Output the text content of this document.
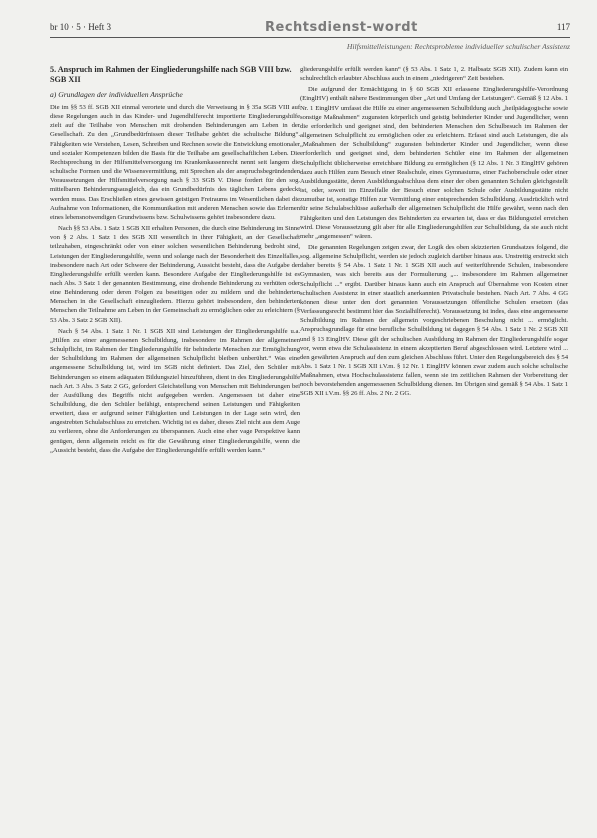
br 10 · 5 · Heft 3	Rechtsdienst-wordt	117
Hilfsmittelleistungen: Rechtsprobleme individueller schulischer Assistenz
5. Anspruch im Rahmen der Eingliederungshilfe nach SGB VIII bzw. SGB XII
a) Grundlagen der individuellen Ansprüche

Die im §§ 53 ff. SGB XII einmal verortete und durch die Verweisung in § 35a SGB VIII auf diese Regelungen auch in das Kinder- und Jugendhilferecht importierte Eingliederungshilfe zielt auf die Teilhabe von Menschen mit drohenden Behinderungen am Leben in der Gesellschaft. Zu den „Grundbedürfnissen dieser Teilhabe gehört die schulische Bildung“. Fähigkeiten wie Verstehen, Lesen, Schreiben und Rechnen sowie die Entwicklung emotionaler und sozialer Kompetenzen bilden die Basis für die Teilhabe am gesellschaftlichen Leben. Die Rechtsprechung in der Hilfsmittelversorgung im Krankenkassenrecht nennt seit langem die schulische Formen und die Wissensvermittlung, mit Sprechen als der anspruchsbegründenden Voraussetzungen der Hilfsmittelversorgung nach § 33 SGB V. Diese fordert für den sog. mittelbaren Behinderungsausgleich, das ein Grundbedürfnis des täglichen Lebens gedeckt werden muss. Das Erschließen eines gewissen geistigen Freiraums im Wesentlichen dabei die Aufnahme von Informationen, die Kommunikation mit anderen Menschen sowie das Erlernen eines lebensnotwendigen Grundwissens bzw. Schulwissens gehört insbesondere dazu.

Nach §§ 53 Abs. 1 Satz 1 SGB XII erhalten Personen, die durch eine Behinderung im Sinne von § 2 Abs. 1 Satz 1 des SGB XII wesentlich in ihrer Fähigkeit, an der Gesellschaft teilzuhaben, eingeschränkt oder von einer solchen wesentlichen Behinderung bedroht sind, Leistungen der Eingliederungshilfe, wenn und solange nach der Besonderheit des Einzelfalles, insbesondere nach Art oder Schwere der Behinderung, Aussicht besteht, dass die Aufgabe der Eingliederungshilfe erfüllt werden kann. Besondere Aufgabe der Eingliederungshilfe ist es nach Abs. 3 Satz 1 der genannten Bestimmung, eine drohende Behinderung zu verhüten oder eine Behinderung oder deren Folgen zu beseitigen oder zu mildern und die behinderten Menschen in die Gesellschaft einzugliedern. Hierzu gehört insbesondere, den behinderten Menschen die Teilnahme am Leben in der Gemeinschaft zu ermöglichen oder zu erleichtern (§ 53 Abs. 3 Satz 2 SGB XII).

Nach § 54 Abs. 1 Satz 1 Nr. 1 SGB XII sind Leistungen der Eingliederungshilfe u.a. „Hilfen zu einer angemessenen Schulbildung, insbesondere im Rahmen der allgemeinen Schulpflicht, im Rahmen der Eingliederungshilfe für behinderte Menschen zur Ermöglichung der Schulbildung im Rahmen der allgemeinen Schulpflicht bleiben unberührt.“ Was eine angemessene Schulbildung ist, wird im SGB nicht definiert. Das Ziel, den Schüler mit Behinderungen so einem adäquaten Bildungsziel hinzuführen, dient in des Eingliederungshilfe nach Art. 3 Abs. 3 Satz 2 GG, gefordert Gleichstellung von Menschen mit Behinderungen bei der Ausfüllung des Begriffs nicht aufgegeben werden. Angemessen ist daher eine Schulbildung, die den Schüler befähigt, entsprechend seinen Leistungen und Fähigkeiten erweitert, dass er aufgrund seiner Fähigkeiten und Leistungen in der Lage sein wird, den angestrebten Schulabschluss zu erreichen. Wichtig ist es daher, dieses Ziel nicht aus dem Auge zu verlieren, ohne die Anforderungen zu überspannen. Auch eine eher vage Perspektive kann genügen, denn allgemein reicht es für die Gewährung einer Eingliederungshilfe, wenn die „Aussicht besteht, dass die Aufgabe der Eingliederungshilfe erfüllt werden kann.“

gliederungshilfe erfüllt werden kann“ (§ 53 Abs. 1 Satz 1, 2. Halbsatz SGB XII). Zudem kann ein schulrechtlich erlaubter Abschluss auch in einem „niedrigeren“ Zeit bestehen.

Die aufgrund der Ermächtigung in § 60 SGB XII erlassene Eingliederungshilfe-Verordnung (EinglHV) enthält nähere Bestimmungen über „Art und Umfang der Leistungen“. Gemäß § 12 Abs. 1 Nr. 1 EinglHV umfasst die Hilfe zu einer angemessenen Schulbildung auch „heilpädagogische sowie sonstige Maßnahmen“ zugunsten körperlich und geistig behinderter Kinder und Jugendlicher, wenn die erforderlich und geeignet sind, den behinderten Menschen den Schulbesuch im Rahmen der allgemeinen Schulpflicht zu ermöglichen oder zu erleichtern. Erfasst sind auch Leistungen, die als „Maßnahmen der Schulbildung“ zugunsten behinderter Kinder und Jugendlicher, wenn diese erforderlich und geeignet sind, dem behinderten Schüler eine im Rahmen der allgemeinen Schulpflicht üblicherweise erreichbare Bildung zu ermöglichen (§ 12 Abs. 1 Nr. 3 EinglHV gehören dazu auch Hilfen zum Besuch einer Realschule, eines Gymnasiums, einer Fachoberschule oder einer Ausbildungsstätte, deren Ausbildungsabschluss dem einer der oben genannten Schulen gleichgestellt ist, oder, soweit im Einzelfalle der Besuch einer solchen Schule oder Ausbildungsstätte nicht zumutbar ist, sonstige Hilfen zur Vermittlung einer entsprechenden Schulbildung. Ausdrücklich wird für seine Schulabschlüsse außerhalb der allgemeinen Schulpflicht die Hilfe gewährt, wenn nach den Fähigkeiten und den Leistungen des Behinderten zu erwarten ist, dass er das Bildungsziel erreichen wird. Diese Voraussetzung gilt aber für alle Eingliederungshilfen zur Schulbildung, da sie auch nicht mehr „angemessen“ wären.

Die genannten Regelungen zeigen zwar, der Logik des oben skizzierten Grundsatzes folgend, die sog. allgemeine Schulpflicht, werden sie jedoch zugleich darüber hinaus aus. Unstreitig erstreckt sich daher bereits § 54 Abs. 1 Satz 1 Nr. 1 SGB XII auch auf weiterführende Schulen, insbesondere Gymnasien, was sich bereits aus der Formulierung „... insbesondere im Rahmen allgemeiner Schulpflicht ...“ ergibt. Darüber hinaus kann auch ein Anspruch auf Übernahme von Kosten einer schulischen Assistenz in einer staatlich anerkannten Privatschule bestehen. Nach Art. 7 Abs. 4 GG können diese unter den dort genannten Voraussetzungen öffentliche Schulen ersetzen (das Verfassungsrecht bestimmt hier das Sozialhilferecht). Voraussetzung ist indes, dass eine angemessene Schulbildung im Rahmen der allgemein vorgeschriebenen Beschulung nicht ... ermöglicht. Anspruchsgrundlage für eine berufliche Schulbildung ist dagegen § 54 Abs. 1 Satz 1 Nr. 2 SGB XII und § 13 EinglHV. Diese gilt der schulischen Ausbildung im Rahmen der Eingliederungshilfe sogar vor, wenn etwa die Schulassistenz in einem akzeptierten Beruf abgeschlossen wird. Letztere wird ... den gewährten Anspruch auf den zum gleichen Abschluss führt. Unter den Regelungsbereich des § 54 Abs. 1 Satz 1 Nr. 1 SGB XII i.V.m. § 12 Nr. 1 EinglHV können zwar zudem auch solche schulische Maßnahmen, etwa Hochschulassistenz fallen, wenn sie im zeitlichen Rahmen der Vorbereitung der noch bevorstehenden angemessenen Schulbildung dienen. Im Übrigen sind gemäß § 54 Abs. 1 Satz 1 SGB XII i.V.m. §§ 26 ff. Abs. 2 Nr. 2 GG.
